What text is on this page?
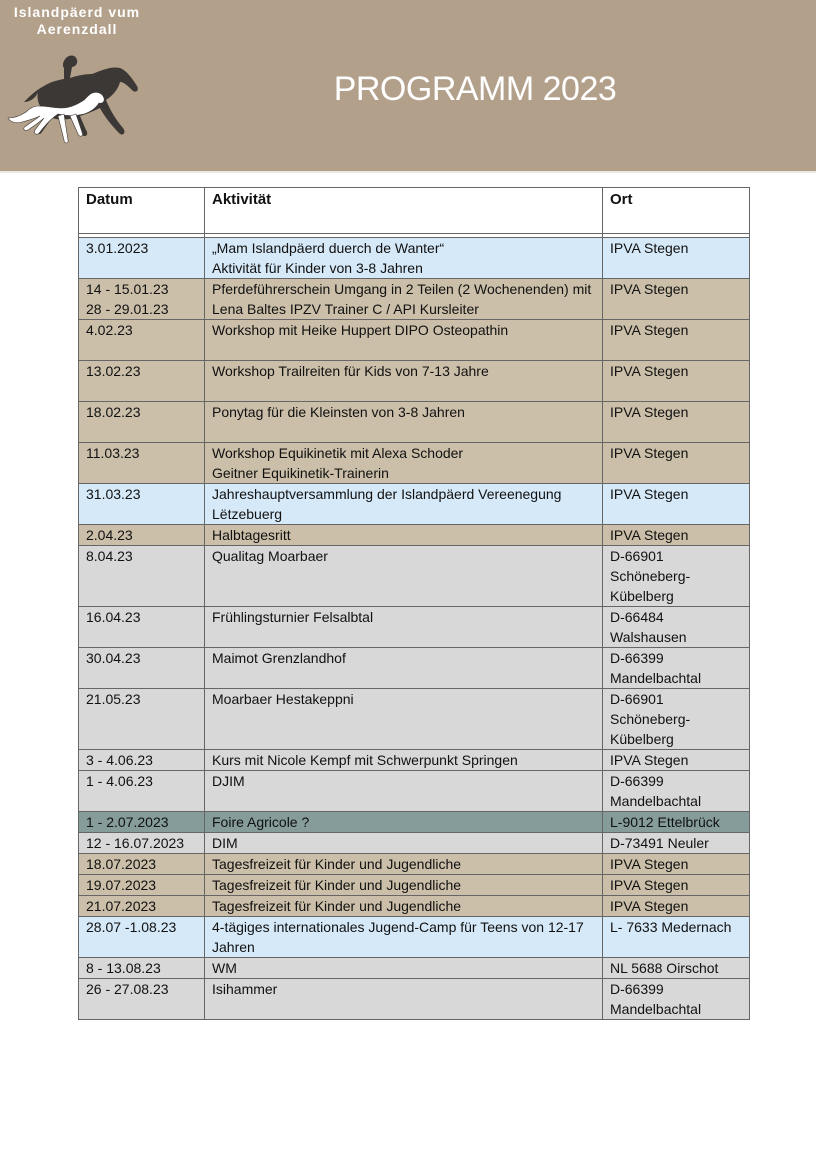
Islandpäerd vum
Aerenzdall
PROGRAMM 2023
Datum	Aktivität	Ort

3.01.2023	„Mam Islandpäerd duerch de Wanter“
Aktivität für Kinder von 3-8 Jahren	IPVA Stegen

14 - 15.01.23
28 - 29.01.23	Pferdeführerschein Umgang in 2 Teilen (2 Wochenenden) mit Lena Baltes IPZV Trainer C / API Kursleiter	IPVA Stegen

4.02.23	Workshop mit Heike Huppert DIPO Osteopathin	IPVA Stegen

13.02.23	Workshop Trailreiten für Kids von 7-13 Jahre	IPVA Stegen

18.02.23	Ponytag für die Kleinsten von 3-8 Jahren	IPVA Stegen

11.03.23	Workshop Equikinetik mit Alexa Schoder
Geitner Equikinetik-Trainerin	IPVA Stegen

31.03.23	Jahreshauptversammlung der Islandpäerd Vereenegung Lëtzebuerg	IPVA Stegen

2.04.23	Halbtagesritt	IPVA Stegen

8.04.23	Qualitag Moarbaer	D-66901
Schöneberg-
Kübelberg

16.04.23	Frühlingsturnier Felsalbtal	D-66484
Walshausen

30.04.23	Maimot Grenzlandhof	D-66399
Mandelbachtal

21.05.23	Moarbaer Hestakeppni	D-66901
Schöneberg-
Kübelberg

3 - 4.06.23	Kurs mit Nicole Kempf mit Schwerpunkt Springen	IPVA Stegen

1 - 4.06.23	DJIM	D-66399
Mandelbachtal

1 - 2.07.2023	Foire Agricole ?	L-9012 Ettelbrück

12 - 16.07.2023	DIM	D-73491 Neuler

18.07.2023	Tagesfreizeit für Kinder und Jugendliche	IPVA Stegen

19.07.2023	Tagesfreizeit für Kinder und Jugendliche	IPVA Stegen

21.07.2023	Tagesfreizeit für Kinder und Jugendliche	IPVA Stegen

28.07 -1.08.23	4-tägiges internationales Jugend-Camp für Teens von 12-17 Jahren	L- 7633 Medernach

8 - 13.08.23	WM	NL 5688 Oirschot

26 - 27.08.23	Isihammer	D-66399
Mandelbachtal
